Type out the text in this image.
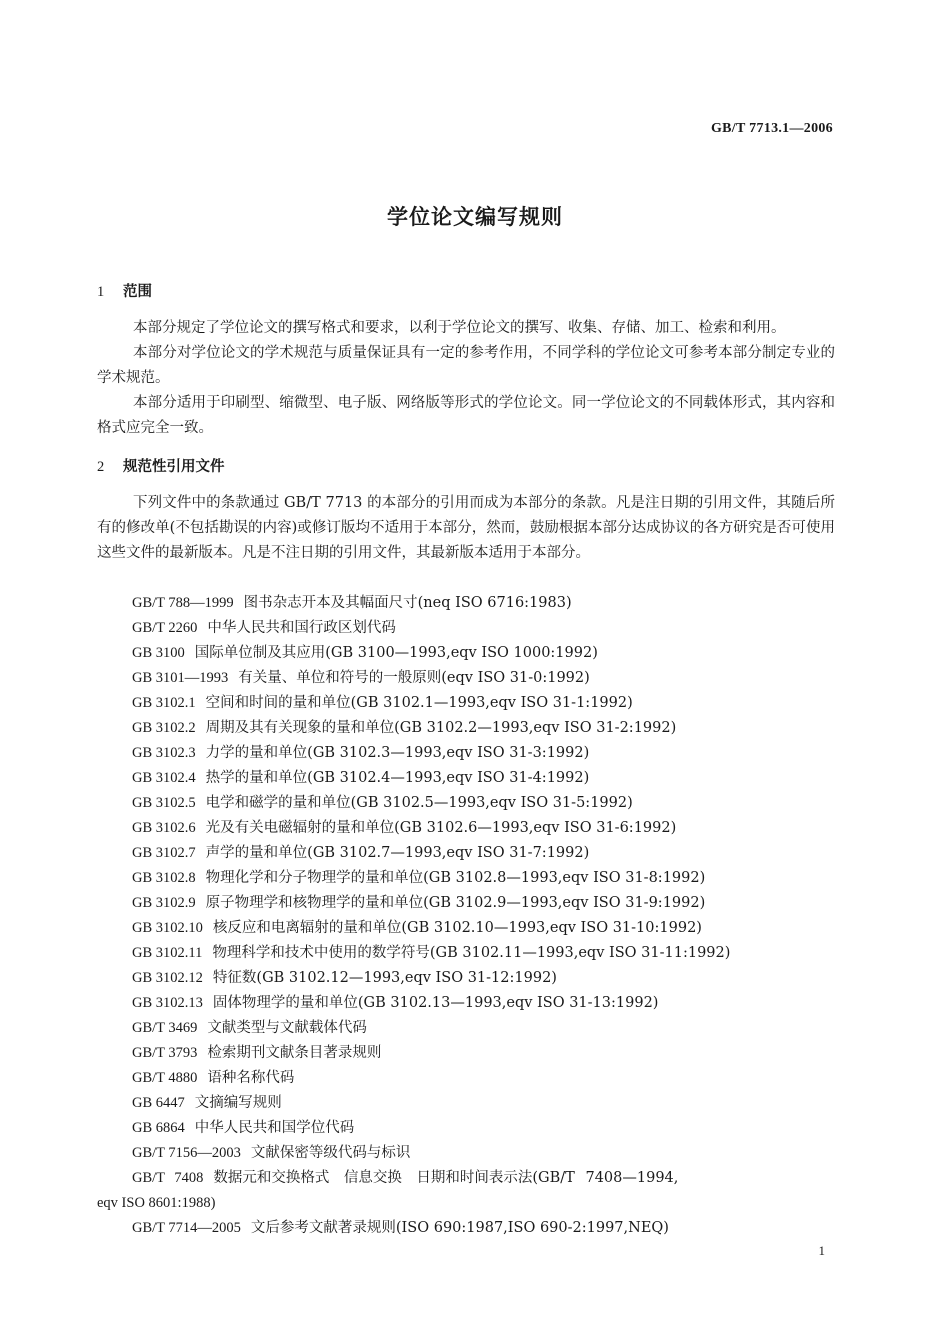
GB/T 7713.1—2006
学位论文编写规则
1 范围
本部分规定了学位论文的撰写格式和要求，以利于学位论文的撰写、收集、存储、加工、检索和利用。
本部分对学位论文的学术规范与质量保证具有一定的参考作用，不同学科的学位论文可参考本部分制定专业的学术规范。
本部分适用于印刷型、缩微型、电子版、网络版等形式的学位论文。同一学位论文的不同载体形式，其内容和格式应完全一致。
2 规范性引用文件
下列文件中的条款通过 GB/T 7713 的本部分的引用而成为本部分的条款。凡是注日期的引用文件，其随后所有的修改单(不包括勘误的内容)或修订版均不适用于本部分，然而，鼓励根据本部分达成协议的各方研究是否可使用这些文件的最新版本。凡是不注日期的引用文件，其最新版本适用于本部分。
GB/T 788—1999 图书杂志开本及其幅面尺寸(neq ISO 6716:1983)
GB/T 2260 中华人民共和国行政区划代码
GB 3100 国际单位制及其应用(GB 3100—1993,eqv ISO 1000:1992)
GB 3101—1993 有关量、单位和符号的一般原则(eqv ISO 31-0:1992)
GB 3102.1 空间和时间的量和单位(GB 3102.1—1993,eqv ISO 31-1:1992)
GB 3102.2 周期及其有关现象的量和单位(GB 3102.2—1993,eqv ISO 31-2:1992)
GB 3102.3 力学的量和单位(GB 3102.3—1993,eqv ISO 31-3:1992)
GB 3102.4 热学的量和单位(GB 3102.4—1993,eqv ISO 31-4:1992)
GB 3102.5 电学和磁学的量和单位(GB 3102.5—1993,eqv ISO 31-5:1992)
GB 3102.6 光及有关电磁辐射的量和单位(GB 3102.6—1993,eqv ISO 31-6:1992)
GB 3102.7 声学的量和单位(GB 3102.7—1993,eqv ISO 31-7:1992)
GB 3102.8 物理化学和分子物理学的量和单位(GB 3102.8—1993,eqv ISO 31-8:1992)
GB 3102.9 原子物理学和核物理学的量和单位(GB 3102.9—1993,eqv ISO 31-9:1992)
GB 3102.10 核反应和电离辐射的量和单位(GB 3102.10—1993,eqv ISO 31-10:1992)
GB 3102.11 物理科学和技术中使用的数学符号(GB 3102.11—1993,eqv ISO 31-11:1992)
GB 3102.12 特征数(GB 3102.12—1993,eqv ISO 31-12:1992)
GB 3102.13 固体物理学的量和单位(GB 3102.13—1993,eqv ISO 31-13:1992)
GB/T 3469 文献类型与文献载体代码
GB/T 3793 检索期刊文献条目著录规则
GB/T 4880 语种名称代码
GB 6447 文摘编写规则
GB 6864 中华人民共和国学位代码
GB/T 7156—2003 文献保密等级代码与标识
GB/T 7408 数据元和交换格式　信息交换　日期和时间表示法(GB/T 7408—1994,
eqv ISO 8601:1988)
GB/T 7714—2005 文后参考文献著录规则(ISO 690:1987,ISO 690-2:1997,NEQ)
1
